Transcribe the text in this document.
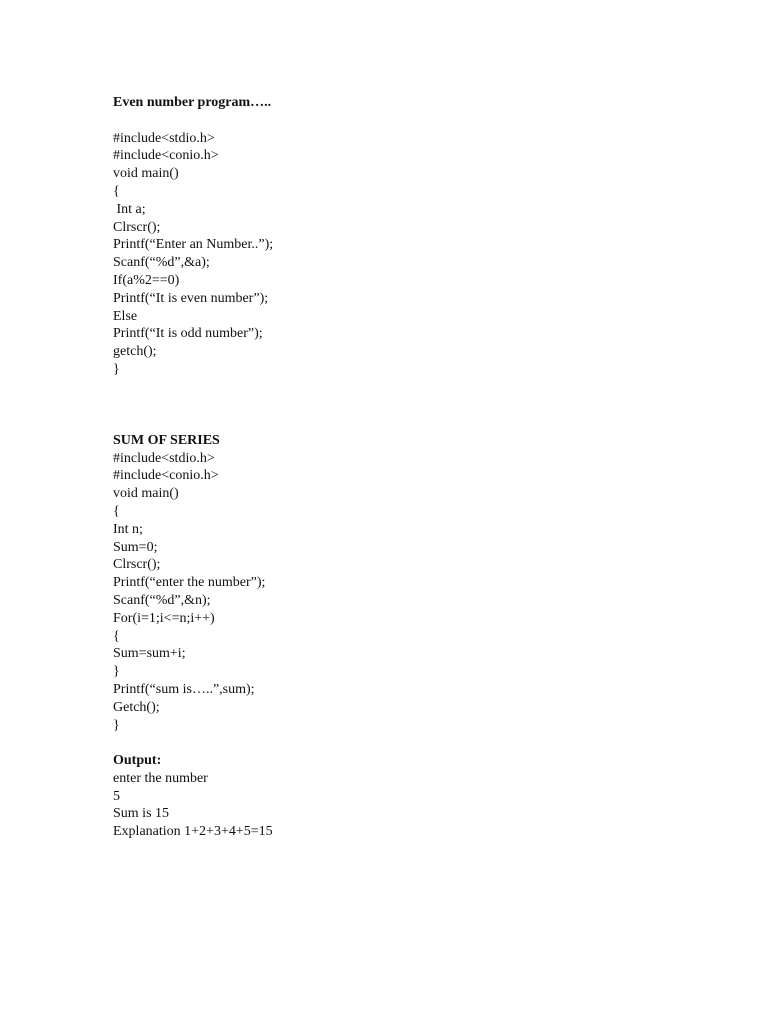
Even number program…..
#include<stdio.h>
#include<conio.h>
void main()
{
Int a;
Clrscr();
Printf(“Enter an Number..”);
Scanf(“%d”,&a);
If(a%2==0)
Printf(“It is even number”);
Else
Printf(“It is odd number”);
getch();
}
SUM OF SERIES
#include<stdio.h>
#include<conio.h>
void main()
{
Int n;
Sum=0;
Clrscr();
Printf(“enter the number”);
Scanf(“%d”,&n);
For(i=1;i<=n;i++)
{
Sum=sum+i;
}
Printf(“sum is…..”,sum);
Getch();
}
Output:
enter the number
5
Sum is 15
Explanation 1+2+3+4+5=15
